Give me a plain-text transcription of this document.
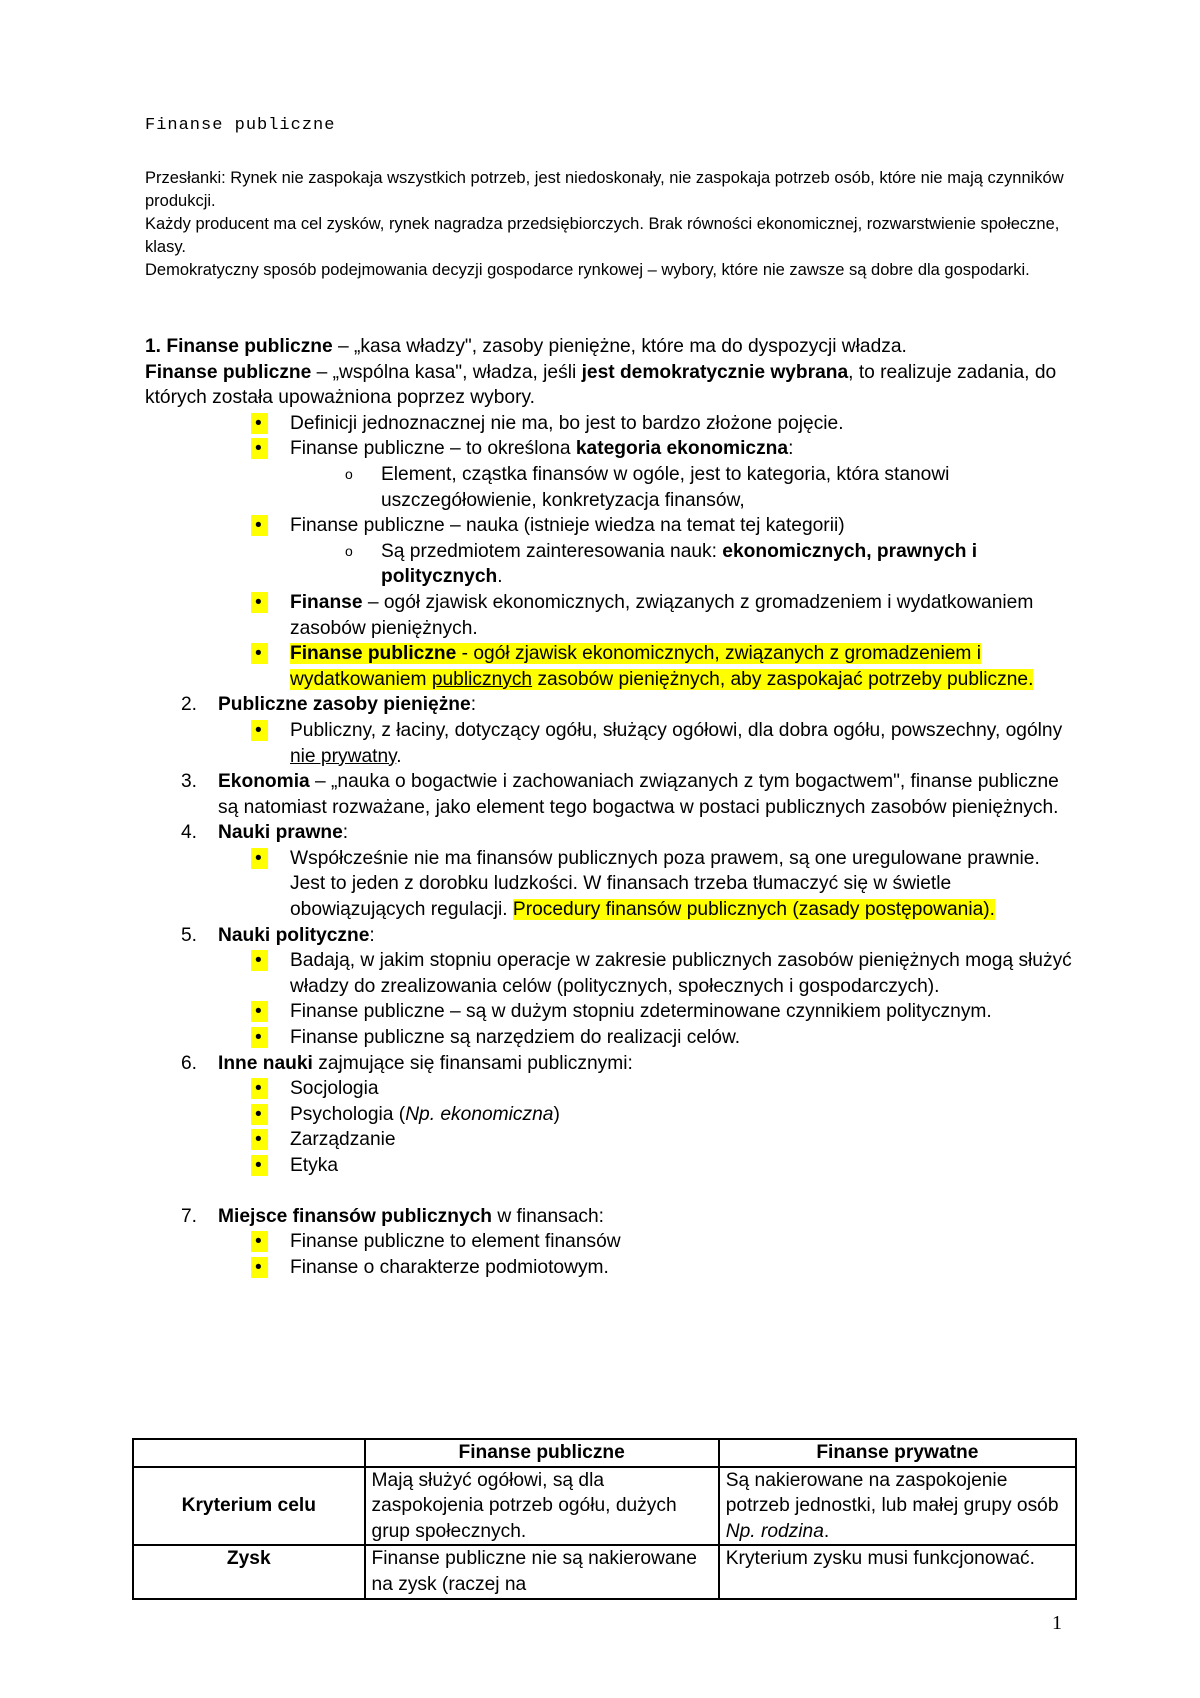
Finanse publiczne

Przesłanki: Rynek nie zaspokaja wszystkich potrzeb, jest niedoskonały, nie zaspokaja potrzeb osób, które nie mają czynników produkcji.

Każdy producent ma cel zysków, rynek nagradza przedsiębiorczych. Brak równości ekonomicznej, rozwarstwienie społeczne, klasy.

Demokratyczny sposób podejmowania decyzji gospodarce rynkowej – wybory, które nie zawsze są dobre dla gospodarki.

1. Finanse publiczne – „kasa władzy", zasoby pieniężne, które ma do dyspozycji władza.

Finanse publiczne – „wspólna kasa", władza, jeśli jest demokratycznie wybrana, to realizuje zadania, do których została upoważniona poprzez wybory.

•	Definicji jednoznacznej nie ma, bo jest to bardzo złożone pojęcie.
•	Finanse publiczne – to określona kategoria ekonomiczna:
o Element, cząstka finansów w ogóle, jest to kategoria, która stanowi uszczegółowienie, konkretyzacja finansów,
•	Finanse publiczne – nauka (istnieje wiedza na temat tej kategorii)
o Są przedmiotem zainteresowania nauk: ekonomicznych, prawnych i politycznych.
•	Finanse – ogół zjawisk ekonomicznych, związanych z gromadzeniem i wydatkowaniem zasobów pieniężnych.
•	Finanse publiczne - ogół zjawisk ekonomicznych, związanych z gromadzeniem i wydatkowaniem publicznych zasobów pieniężnych, aby zaspokajać potrzeby publiczne.
2. Publiczne zasoby pieniężne:
•	Publiczny, z łaciny, dotyczący ogółu, służący ogółowi, dla dobra ogółu, powszechny, ogólny nie prywatny.
3. Ekonomia – „nauka o bogactwie i zachowaniach związanych z tym bogactwem", finanse publiczne są natomiast rozważane, jako element tego bogactwa w postaci publicznych zasobów pieniężnych.
4. Nauki prawne:
•	Współcześnie nie ma finansów publicznych poza prawem, są one uregulowane prawnie. Jest to jeden z dorobku ludzkości. W finansach trzeba tłumaczyć się w świetle obowiązujących regulacji. Procedury finansów publicznych (zasady postępowania).
5. Nauki polityczne:
•	Badają, w jakim stopniu operacje w zakresie publicznych zasobów pieniężnych mogą służyć władzy do zrealizowania celów (politycznych, społecznych i gospodarczych).
•	Finanse publiczne – są w dużym stopniu zdeterminowane czynnikiem politycznym.
•	Finanse publiczne są narzędziem do realizacji celów.
6. Inne nauki zajmujące się finansami publicznymi:
•	Socjologia
•	Psychologia (Np. ekonomiczna)
•	Zarządzanie
•	Etyka
7. Miejsce finansów publicznych w finansach:
•	Finanse publiczne to element finansów
•	Finanse o charakterze podmiotowym.
	Finanse publiczne	Finanse prywatne
Kryterium celu	Mają służyć ogółowi, są dla zaspokojenia potrzeb ogółu, dużych grup społecznych.	Są nakierowane na zaspokojenie potrzeb jednostki, lub małej grupy osób Np. rodzina.
Zysk	Finanse publiczne nie są nakierowane na zysk (raczej na	Kryterium zysku musi funkcjonować.
1
